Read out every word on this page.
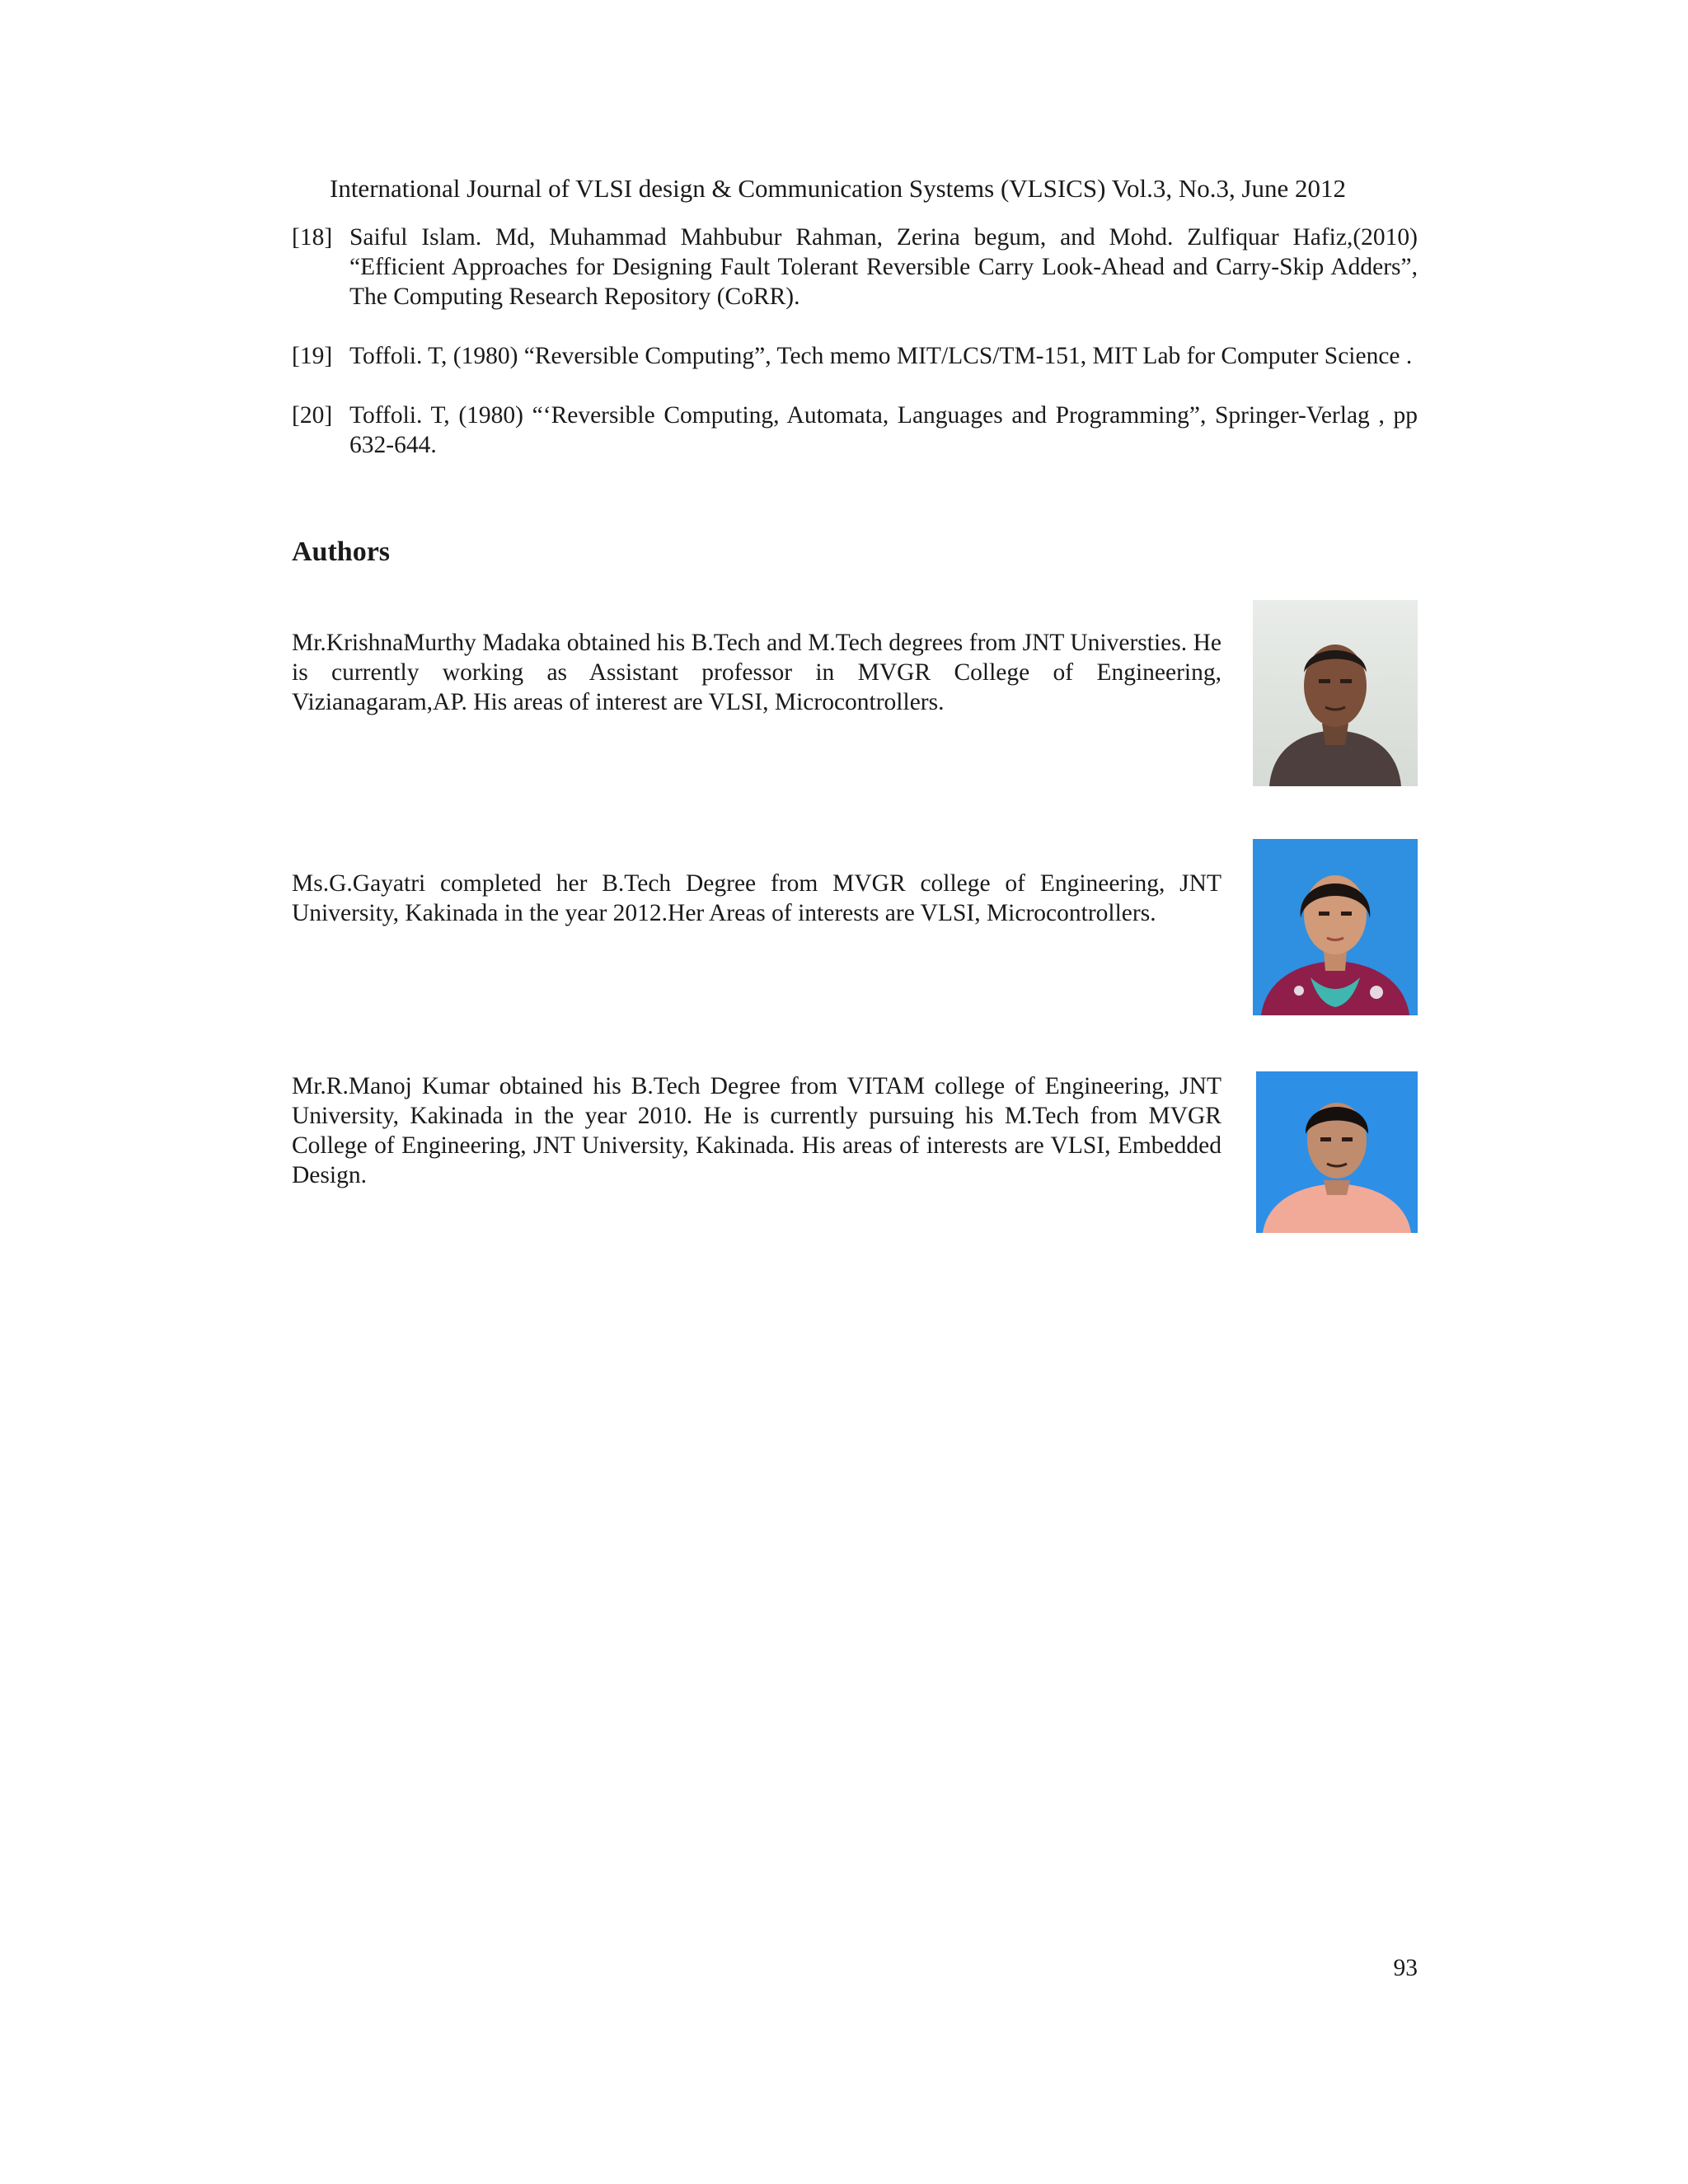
International Journal of VLSI design & Communication Systems (VLSICS) Vol.3, No.3, June 2012
[18] Saiful Islam. Md, Muhammad Mahbubur Rahman, Zerina begum, and Mohd. Zulfiquar Hafiz,(2010) “Efficient Approaches for Designing Fault Tolerant Reversible Carry Look-Ahead and Carry-Skip Adders”, The Computing Research Repository (CoRR).
[19] Toffoli. T, (1980) “Reversible Computing”, Tech memo MIT/LCS/TM-151, MIT Lab for Computer Science .
[20] Toffoli. T, (1980) “‘Reversible Computing, Automata, Languages and Programming”, Springer-Verlag , pp 632-644.
Authors
Mr.KrishnaMurthy Madaka obtained his B.Tech and M.Tech degrees from JNT Universties. He is currently working as Assistant professor in MVGR College of Engineering, Vizianagaram,AP. His areas of interest are VLSI, Microcontrollers.
Ms.G.Gayatri completed her B.Tech Degree from MVGR college of Engineering, JNT University, Kakinada in the year 2012.Her Areas of interests are VLSI, Microcontrollers.
Mr.R.Manoj Kumar obtained his B.Tech Degree from VITAM college of Engineering, JNT University, Kakinada in the year 2010. He is currently pursuing his M.Tech from MVGR College of Engineering, JNT University, Kakinada. His areas of interests are VLSI, Embedded Design.
93
